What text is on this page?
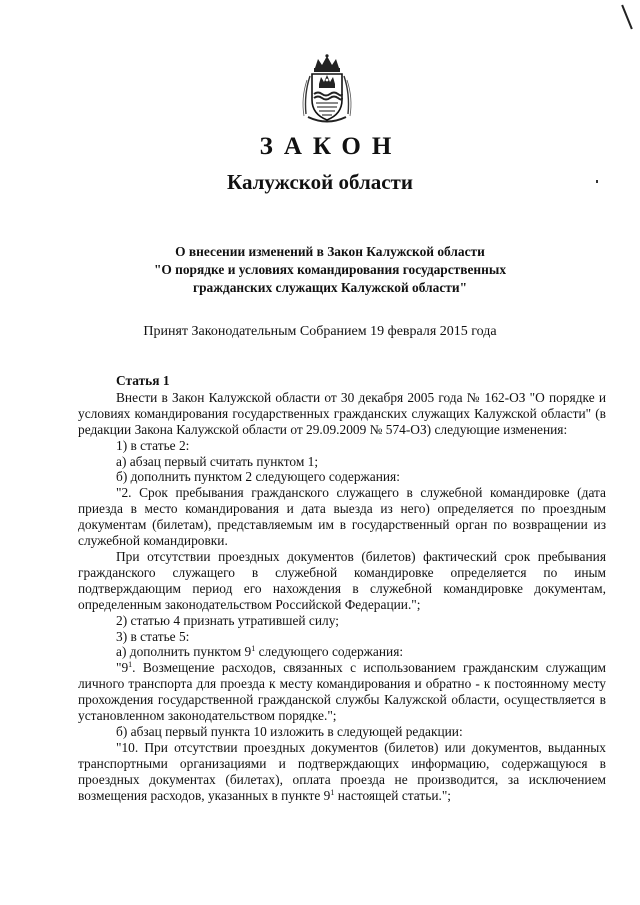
ЗАКОН
Калужской области
О внесении изменений в Закон Калужской области
"О порядке и условиях командирования государственных
гражданских служащих Калужской области"
Принят Законодательным Собранием 19 февраля 2015 года
Статья 1
Внести в Закон Калужской области от 30 декабря 2005 года № 162-ОЗ "О порядке и условиях командирования государственных гражданских служащих Калужской области" (в редакции Закона Калужской области от 29.09.2009 № 574-ОЗ) следующие изменения:
1) в статье 2:
а) абзац первый считать пунктом 1;
б) дополнить пунктом 2 следующего содержания:
"2. Срок пребывания гражданского служащего в служебной командировке (дата приезда в место командирования и дата выезда из него) определяется по проездным документам (билетам), представляемым им в государственный орган по возвращении из служебной командировки.
При отсутствии проездных документов (билетов) фактический срок пребывания гражданского служащего в служебной командировке определяется по иным подтверждающим период его нахождения в служебной командировке документам, определенным законодательством Российской Федерации.";
2) статью 4 признать утратившей силу;
3) в статье 5:
а) дополнить пунктом $9^1$ следующего содержания:
"$9^1$. Возмещение расходов, связанных с использованием гражданским служащим личного транспорта для проезда к месту командирования и обратно - к постоянному месту прохождения государственной гражданской службы Калужской области, осуществляется в установленном законодательством порядке.";
б) абзац первый пункта 10 изложить в следующей редакции:
"10. При отсутствии проездных документов (билетов) или документов, выданных транспортными организациями и подтверждающих информацию, содержащуюся в проездных документах (билетах), оплата проезда не производится, за исключением возмещения расходов, указанных в пункте $9^1$ настоящей статьи.";
